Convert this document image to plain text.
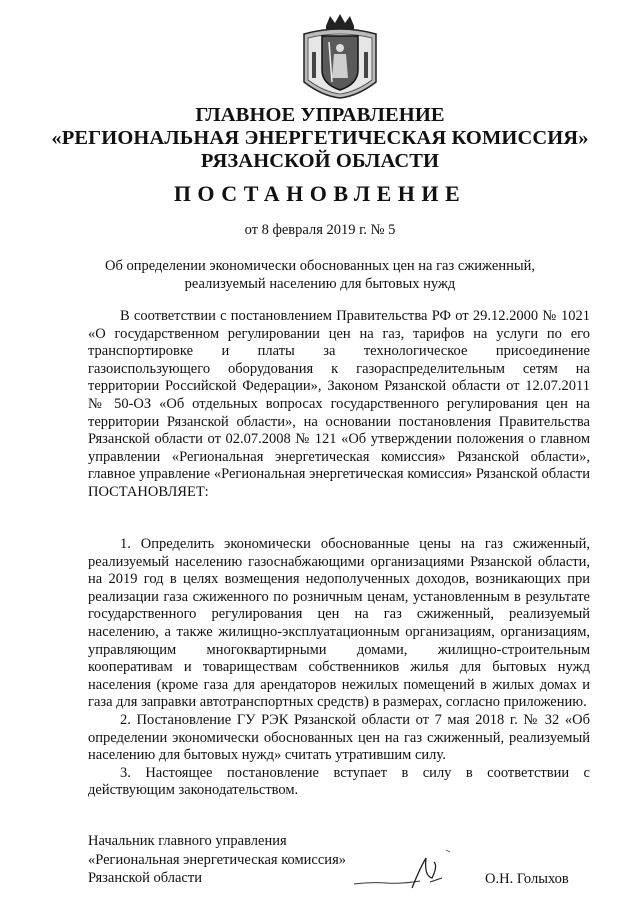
ГЛАВНОЕ УПРАВЛЕНИЕ
«РЕГИОНАЛЬНАЯ ЭНЕРГЕТИЧЕСКАЯ КОМИССИЯ»
РЯЗАНСКОЙ ОБЛАСТИ
ПОСТАНОВЛЕНИЕ
от 8 февраля 2019 г. № 5
Об определении экономически обоснованных цен на газ сжиженный,
реализуемый населению для бытовых нужд

В соответствии с постановлением Правительства РФ от 29.12.2000 № 1021 «О государственном регулировании цен на газ, тарифов на услуги по его транспортировке и платы за технологическое присоединение газоиспользующего оборудования к газораспределительным сетям на территории Российской Федерации», Законом Рязанской области от 12.07.2011 № 50-ОЗ «Об отдельных вопросах государственного регулирования цен на территории Рязанской области», на основании постановления Правительства Рязанской области от 02.07.2008 № 121 «Об утверждении положения о главном управлении «Региональная энергетическая комиссия» Рязанской области», главное управление «Региональная энергетическая комиссия» Рязанской области ПОСТАНОВЛЯЕТ:

1. Определить экономически обоснованные цены на газ сжиженный, реализуемый населению газоснабжающими организациями Рязанской области, на 2019 год в целях возмещения недополученных доходов, возникающих при реализации газа сжиженного по розничным ценам, установленным в результате государственного регулирования цен на газ сжиженный, реализуемый населению, а также жилищно-эксплуатационным организациям, организациям, управляющим многоквартирными домами, жилищно-строительным кооперативам и товариществам собственников жилья для бытовых нужд населения (кроме газа для арендаторов нежилых помещений в жилых домах и газа для заправки автотранспортных средств) в размерах, согласно приложению.

2. Постановление ГУ РЭК Рязанской области от 7 мая 2018 г. № 32 «Об определении экономически обоснованных цен на газ сжиженный, реализуемый населению для бытовых нужд» считать утратившим силу.

3. Настоящее постановление вступает в силу в соответствии с действующим законодательством.

Начальник главного управления
«Региональная энергетическая комиссия»
Рязанской области	О.Н. Голыхов
